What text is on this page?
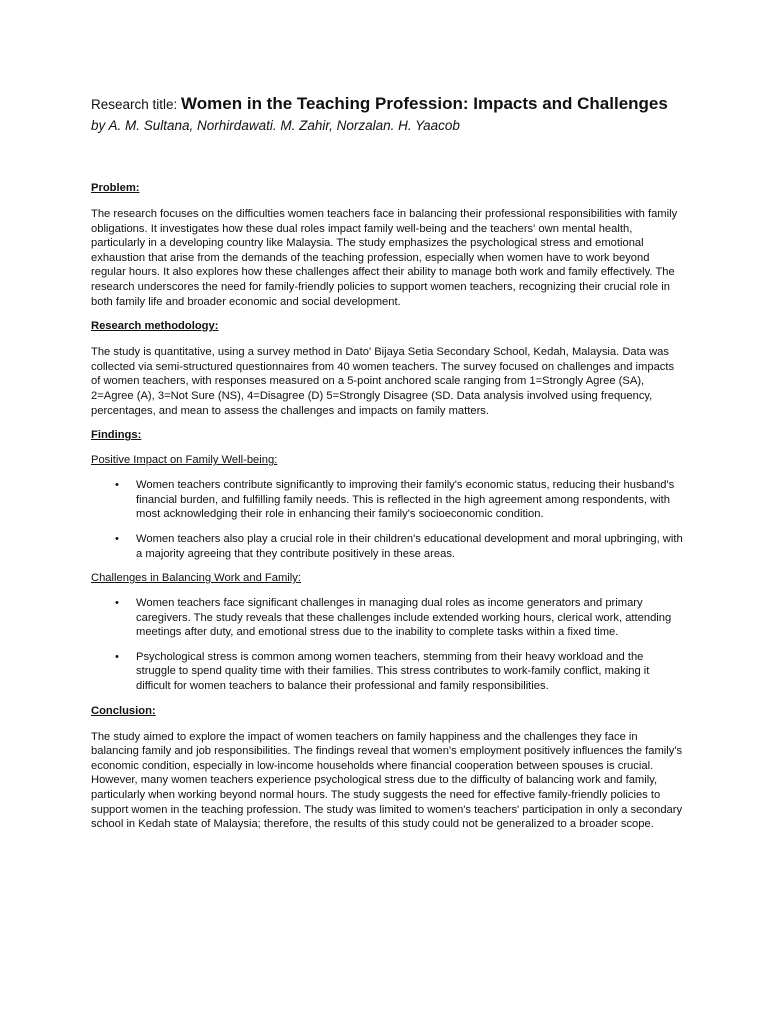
Research title: Women in the Teaching Profession: Impacts and Challenges

by A. M. Sultana, Norhirdawati. M. Zahir, Norzalan. H. Yaacob

Problem:

The research focuses on the difficulties women teachers face in balancing their professional responsibilities with family obligations. It investigates how these dual roles impact family well-being and the teachers' own mental health, particularly in a developing country like Malaysia. The study emphasizes the psychological stress and emotional exhaustion that arise from the demands of the teaching profession, especially when women have to work beyond regular hours. It also explores how these challenges affect their ability to manage both work and family effectively. The research underscores the need for family-friendly policies to support women teachers, recognizing their crucial role in both family life and broader economic and social development.

Research methodology:

The study is quantitative, using a survey method in Dato' Bijaya Setia Secondary School, Kedah, Malaysia. Data was collected via semi-structured questionnaires from 40 women teachers. The survey focused on challenges and impacts of women teachers, with responses measured on a 5-point anchored scale ranging from 1=Strongly Agree (SA), 2=Agree (A), 3=Not Sure (NS), 4=Disagree (D) 5=Strongly Disagree (SD. Data analysis involved using frequency, percentages, and mean to assess the challenges and impacts on family matters.

Findings:

Positive Impact on Family Well-being:

• Women teachers contribute significantly to improving their family's economic status, reducing their husband's financial burden, and fulfilling family needs. This is reflected in the high agreement among respondents, with most acknowledging their role in enhancing their family's socioeconomic condition.
• Women teachers also play a crucial role in their children's educational development and moral upbringing, with a majority agreeing that they contribute positively in these areas.

Challenges in Balancing Work and Family:

• Women teachers face significant challenges in managing dual roles as income generators and primary caregivers. The study reveals that these challenges include extended working hours, clerical work, attending meetings after duty, and emotional stress due to the inability to complete tasks within a fixed time.
• Psychological stress is common among women teachers, stemming from their heavy workload and the struggle to spend quality time with their families. This stress contributes to work-family conflict, making it difficult for women teachers to balance their professional and family responsibilities.

Conclusion:

The study aimed to explore the impact of women teachers on family happiness and the challenges they face in balancing family and job responsibilities. The findings reveal that women's employment positively influences the family's economic condition, especially in low-income households where financial cooperation between spouses is crucial. However, many women teachers experience psychological stress due to the difficulty of balancing work and family, particularly when working beyond normal hours. The study suggests the need for effective family-friendly policies to support women in the teaching profession. The study was limited to women's teachers' participation in only a secondary school in Kedah state of Malaysia; therefore, the results of this study could not be generalized to a broader scope.
